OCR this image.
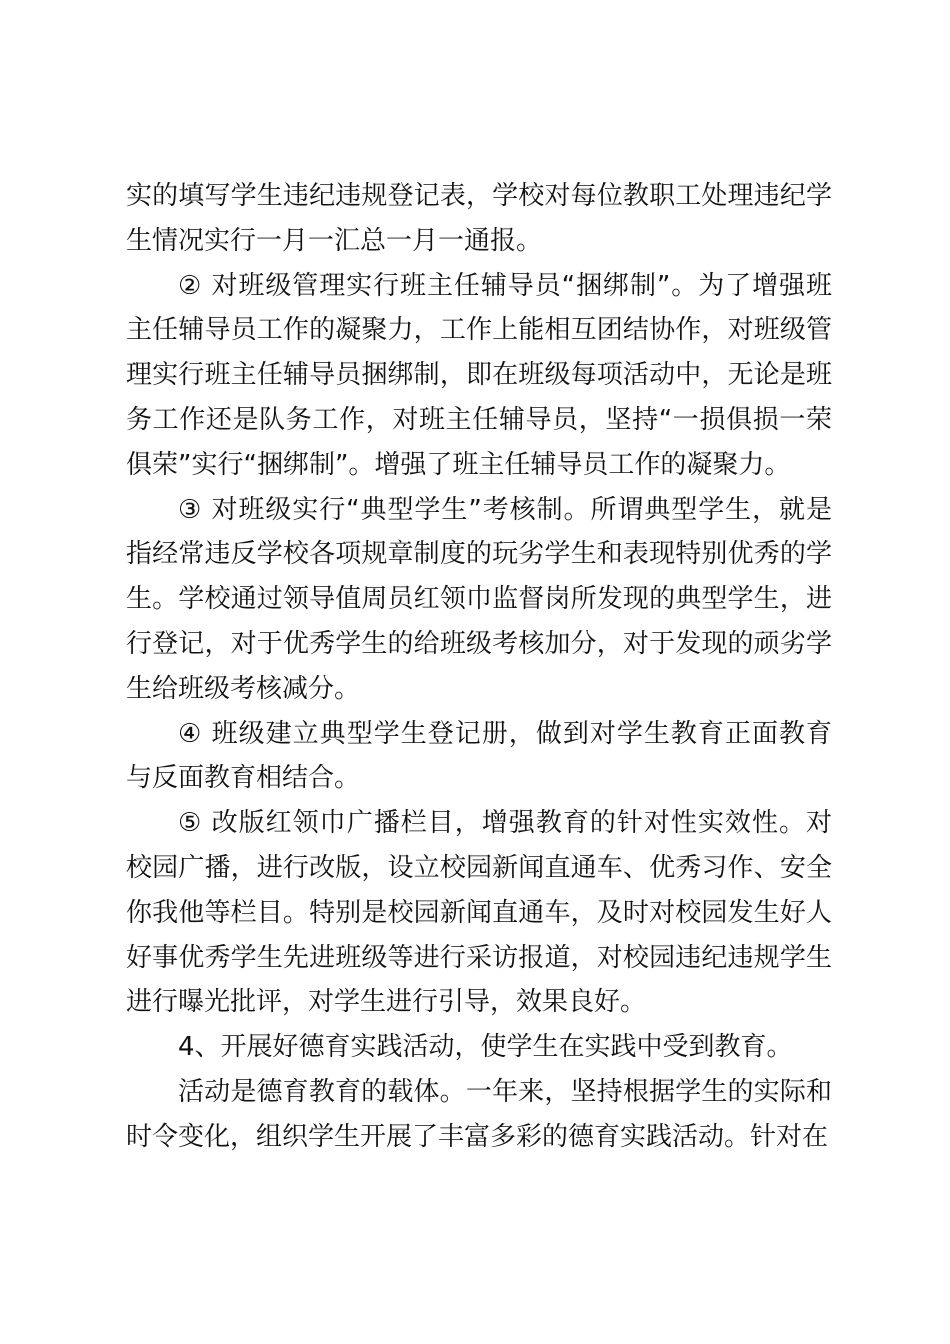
实的填写学生违纪违规登记表，学校对每位教职工处理违纪学生情况实行一月一汇总一月一通报。

② 对班级管理实行班主任辅导员“捆绑制”。为了增强班主任辅导员工作的凝聚力，工作上能相互团结协作，对班级管理实行班主任辅导员捆绑制，即在班级每项活动中，无论是班务工作还是队务工作，对班主任辅导员，坚持“一损俱损一荣俱荣”实行“捆绑制”。增强了班主任辅导员工作的凝聚力。

③ 对班级实行“典型学生”考核制。所谓典型学生，就是指经常违反学校各项规章制度的玩劣学生和表现特别优秀的学生。学校通过领导值周员红领巾监督岗所发现的典型学生，进行登记，对于优秀学生的给班级考核加分，对于发现的顽劣学生给班级考核减分。

④ 班级建立典型学生登记册，做到对学生教育正面教育与反面教育相结合。

⑤ 改版红领巾广播栏目，增强教育的针对性实效性。对校园广播，进行改版，设立校园新闻直通车、优秀习作、安全你我他等栏目。特别是校园新闻直通车，及时对校园发生好人好事优秀学生先进班级等进行采访报道，对校园违纪违规学生进行曝光批评，对学生进行引导，效果良好。

4、开展好德育实践活动，使学生在实践中受到教育。

活动是德育教育的载体。一年来，坚持根据学生的实际和时令变化，组织学生开展了丰富多彩的德育实践活动。针对在
